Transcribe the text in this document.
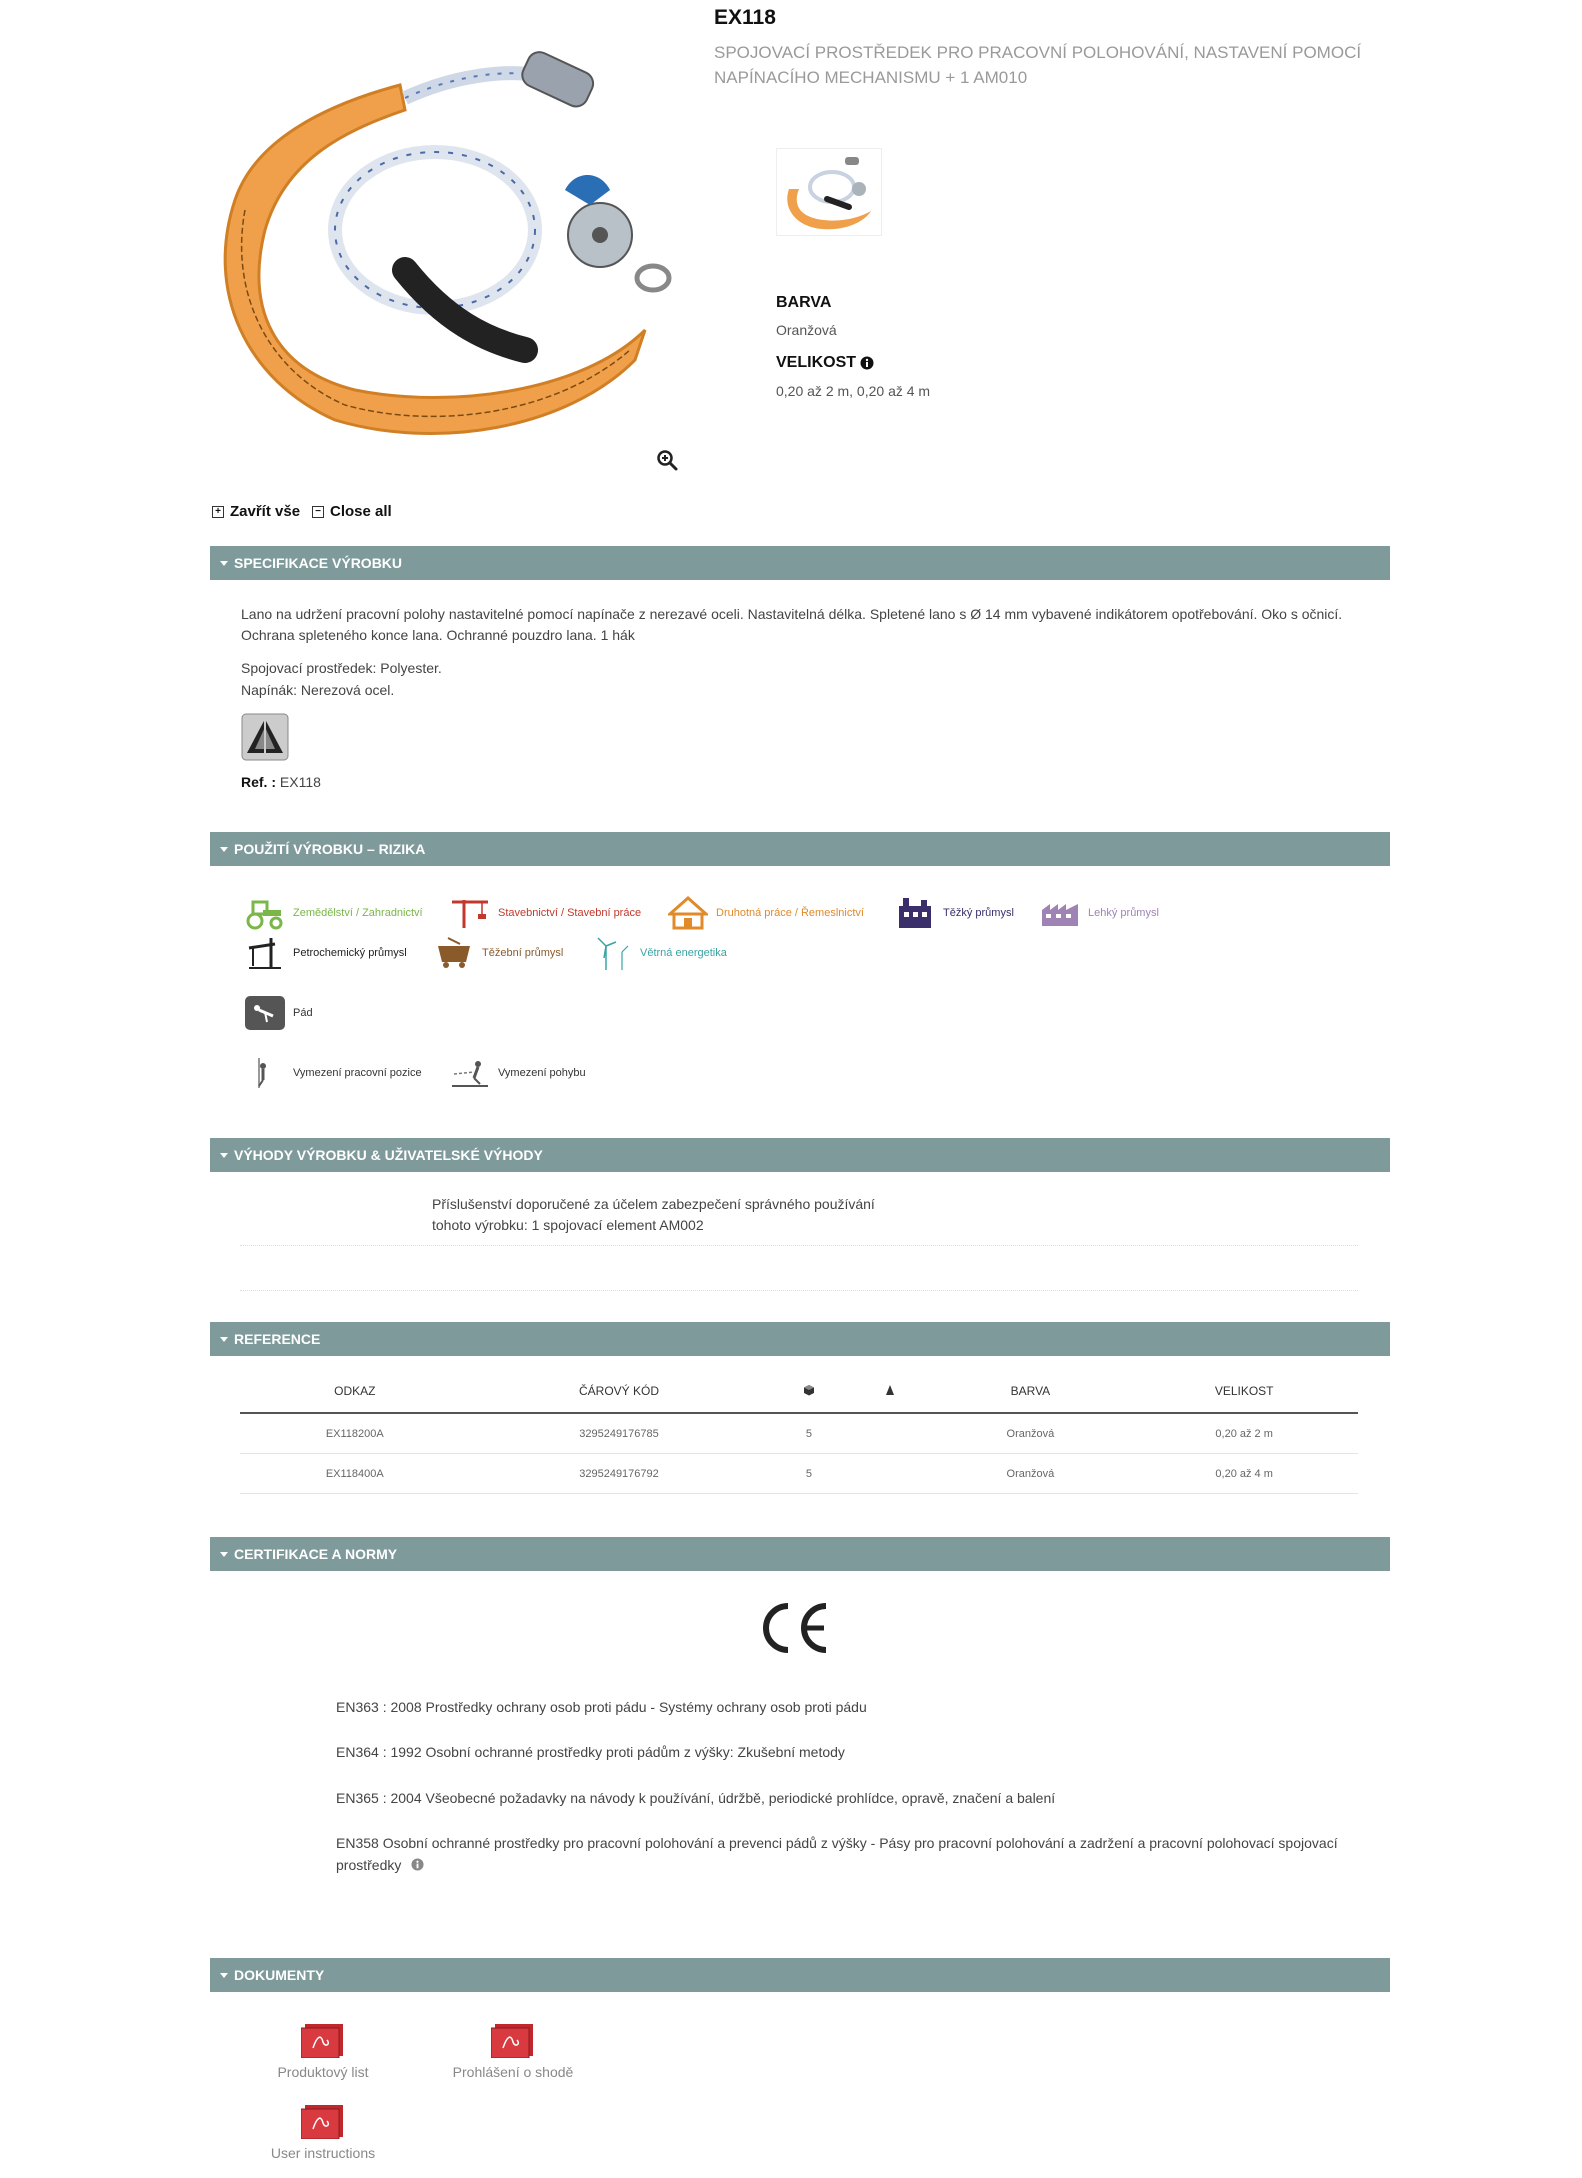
EX118
SPOJOVACÍ PROSTŘEDEK PRO PRACOVNÍ POLOHOVÁNÍ, NASTAVENÍ POMOCÍ NAPÍNACÍHO MECHANISMU + 1 AM010
BARVA
Oranžová
VELIKOST
0,20 až 2 m, 0,20 až 4 m
+ Zavřít vše	− Close all
SPECIFIKACE VÝROBKU
Lano na udržení pracovní polohy nastavitelné pomocí napínače z nerezavé oceli. Nastavitelná délka. Spletené lano s Ø 14 mm vybavené indikátorem opotřebování. Oko s očnicí. Ochrana spleteného konce lana. Ochranné pouzdro lana. 1 hák
Spojovací prostředek: Polyester.
Napínák: Nerezová ocel.
Ref. : EX118
POUŽITÍ VÝROBKU – RIZIKA
Zemědělství / Zahradnictví	Stavebnictví / Stavební práce	Druhotná práce / Řemeslnictví	Těžký průmysl	Lehký průmysl
Petrochemický průmysl	Těžební průmysl	Větrná energetika
Pád
Vymezení pracovní pozice	Vymezení pohybu
VÝHODY VÝROBKU & UŽIVATELSKÉ VÝHODY
Příslušenství doporučené za účelem zabezpečení správného používání tohoto výrobku: 1 spojovací element AM002
REFERENCE
ODKAZ	ČÁROVÝ KÓD			BARVA	VELIKOST
EX118200A	3295249176785	5		Oranžová	0,20 až 2 m
EX118400A	3295249176792	5		Oranžová	0,20 až 4 m
CERTIFIKACE A NORMY
EN363 : 2008 Prostředky ochrany osob proti pádu - Systémy ochrany osob proti pádu
EN364 : 1992 Osobní ochranné prostředky proti pádům z výšky: Zkušební metody
EN365 : 2004 Všeobecné požadavky na návody k používání, údržbě, periodické prohlídce, opravě, značení a balení
EN358 Osobní ochranné prostředky pro pracovní polohování a prevenci pádů z výšky - Pásy pro pracovní polohování a zadržení a pracovní polohovací spojovací prostředky
DOKUMENTY
Produktový list	Prohlášení o shodě
User instructions
